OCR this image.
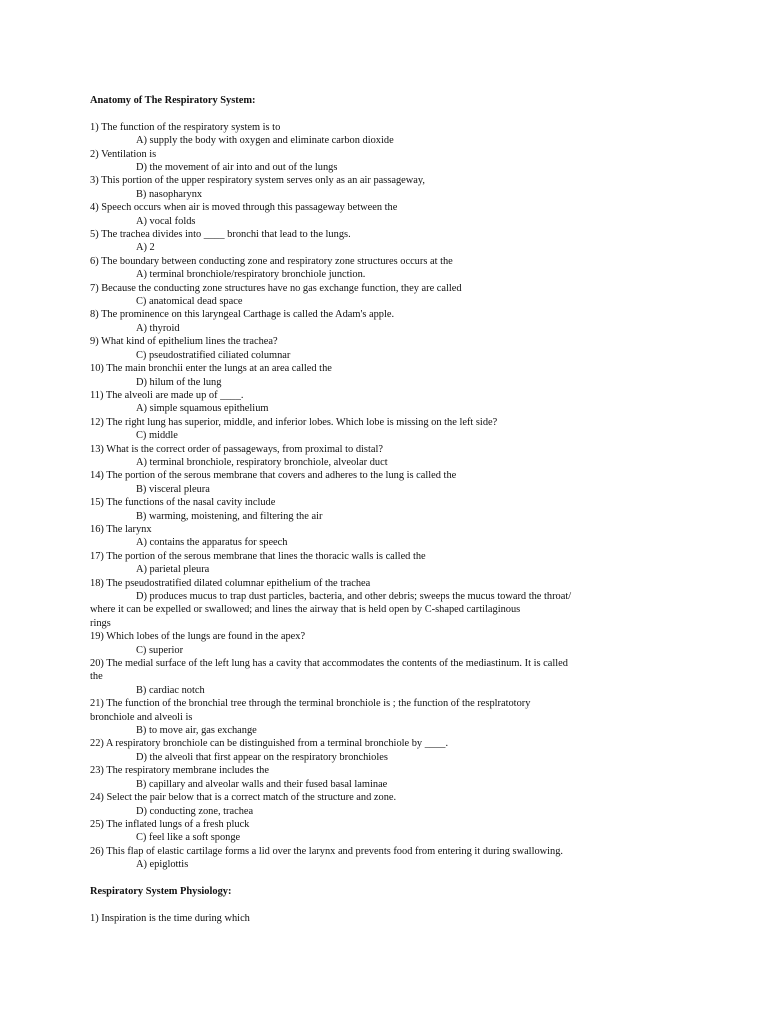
Anatomy of The Respiratory System:
1) The function of the respiratory system is to
A) supply the body with oxygen and eliminate carbon dioxide
2) Ventilation is
D) the movement of air into and out of the lungs
3) This portion of the upper respiratory system serves only as an air passageway,
B) nasopharynx
4) Speech occurs when air is moved through this passageway between the
A) vocal folds
5) The trachea divides into ____ bronchi that lead to the lungs.
A) 2
6) The boundary between conducting zone and respiratory zone structures occurs at the
A) terminal bronchiole/respiratory bronchiole junction.
7) Because the conducting zone structures have no gas exchange function, they are called
C) anatomical dead space
8) The prominence on this laryngeal Carthage is called the Adam's apple.
A) thyroid
9) What kind of epithelium lines the trachea?
C) pseudostratified ciliated columnar
10) The main bronchii enter the lungs at an area called the
D) hilum of the lung
11) The alveoli are made up of ____.
A) simple squamous epithelium
12) The right lung has superior, middle, and inferior lobes. Which lobe is missing on the left side?
C) middle
13) What is the correct order of passageways, from proximal to distal?
A) terminal bronchiole, respiratory bronchiole, alveolar duct
14) The portion of the serous membrane that covers and adheres to the lung is called the
B) visceral pleura
15) The functions of the nasal cavity include
B) warming, moistening, and filtering the air
16) The larynx
A) contains the apparatus for speech
17) The portion of the serous membrane that lines the thoracic walls is called the
A) parietal pleura
18) The pseudostratified dilated columnar epithelium of the trachea
D) produces mucus to trap dust particles, bacteria, and other debris; sweeps the mucus toward the throat/
where it can be expelled or swallowed; and lines the airway that is held open by C-shaped cartilaginous
rings
19) Which lobes of the lungs are found in the apex?
C) superior
20) The medial surface of the left lung has a cavity that accommodates the contents of the mediastinum. It is called
the
B) cardiac notch
21) The function of the bronchial tree through the terminal bronchiole is ; the function of the resplratotory
bronchiole and alveoli is
B) to move air, gas exchange
22) A respiratory bronchiole can be distinguished from a terminal bronchiole by ____.
D) the alveoli that first appear on the respiratory bronchioles
23) The respiratory membrane includes the
B) capillary and alveolar walls and their fused basal laminae
24) Select the pair below that is a correct match of the structure and zone.
D) conducting zone, trachea
25) The inflated lungs of a fresh pluck
C) feel like a soft sponge
26) This flap of elastic cartilage forms a lid over the larynx and prevents food from entering it during swallowing.
A) epiglottis
Respiratory System Physiology:
1) Inspiration is the time during which
